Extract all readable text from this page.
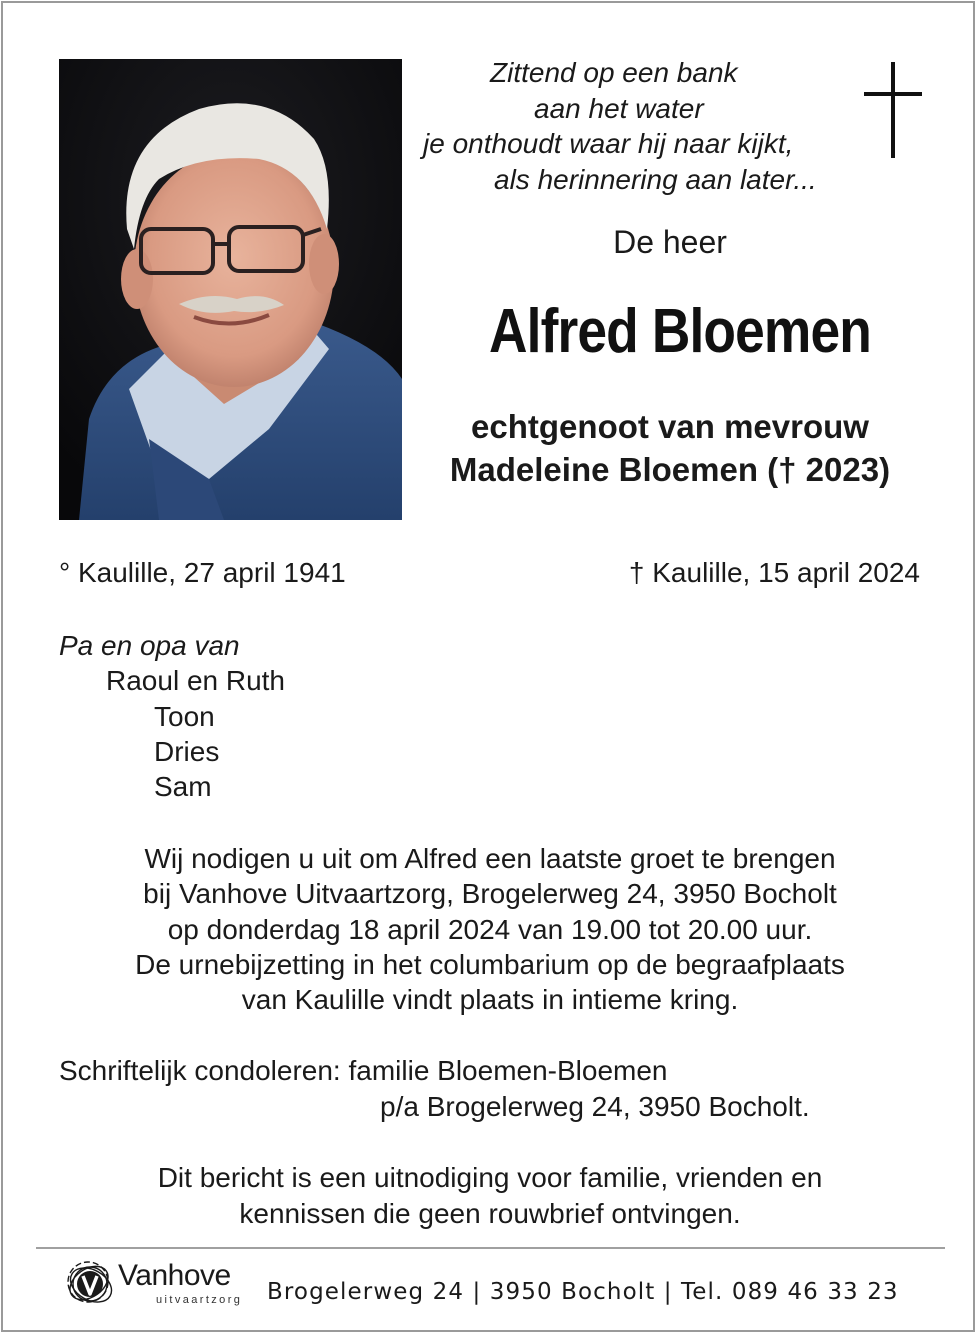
Zittend op een bank
aan het water
je onthoudt waar hij naar kijkt,
als herinnering aan later...
De heer
Alfred Bloemen
echtgenoot van mevrouw
Madeleine Bloemen († 2023)
° Kaulille, 27 april 1941	† Kaulille, 15 april 2024
Pa en opa van
Raoul en Ruth
Toon
Dries
Sam
Wij nodigen u uit om Alfred een laatste groet te brengen
bij Vanhove Uitvaartzorg, Brogelerweg 24, 3950 Bocholt
op donderdag 18 april 2024 van 19.00 tot 20.00 uur.
De urnebijzetting in het columbarium op de begraafplaats
van Kaulille vindt plaats in intieme kring.
Schriftelijk condoleren: familie Bloemen-Bloemen
p/a Brogelerweg 24, 3950 Bocholt.
Dit bericht is een uitnodiging voor familie, vrienden en
kennissen die geen rouwbrief ontvingen.
Vanhove
uitvaartzorg Brogelerweg 24 | 3950 Bocholt | Tel. 089 46 33 23
